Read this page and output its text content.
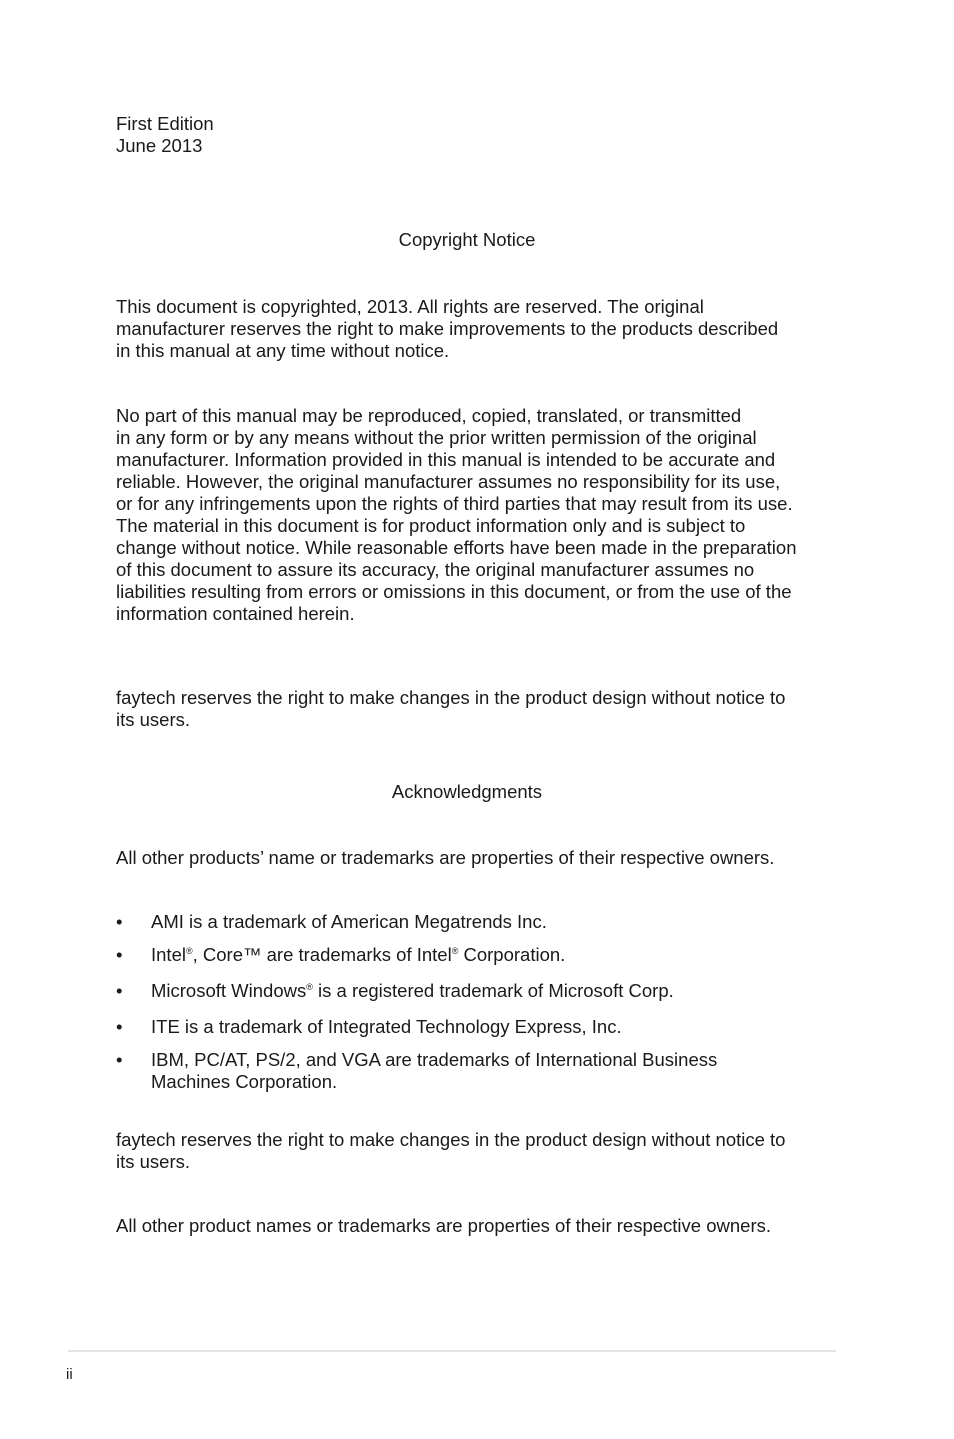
First Edition
June 2013
Copyright Notice
This document is copyrighted, 2013. All rights are reserved. The original
manufacturer reserves the right to make improvements to the products described
in this manual at any time without notice.
No part of this manual may be reproduced, copied, translated, or transmitted
in any form or by any means without the prior written permission of the original
manufacturer. Information provided in this manual is intended to be accurate and
reliable. However, the original manufacturer assumes no responsibility for its use,
or for any infringements upon the rights of third parties that may result from its use.
The material in this document is for product information only and is subject to
change without notice. While reasonable efforts have been made in the preparation
of this document to assure its accuracy, the original manufacturer assumes no
liabilities resulting from errors or omissions in this document, or from the use of the
information contained herein.
faytech reserves the right to make changes in the product design without notice to
its users.
Acknowledgments
All other products’ name or trademarks are properties of their respective owners.
• AMI is a trademark of American Megatrends Inc.
• Intel®, Core™ are trademarks of Intel® Corporation.
• Microsoft Windows® is a registered trademark of Microsoft Corp.
• ITE is a trademark of Integrated Technology Express, Inc.
• IBM, PC/AT, PS/2, and VGA are trademarks of International Business
Machines Corporation.
faytech reserves the right to make changes in the product design without notice to
its users.
All other product names or trademarks are properties of their respective owners.
ii
